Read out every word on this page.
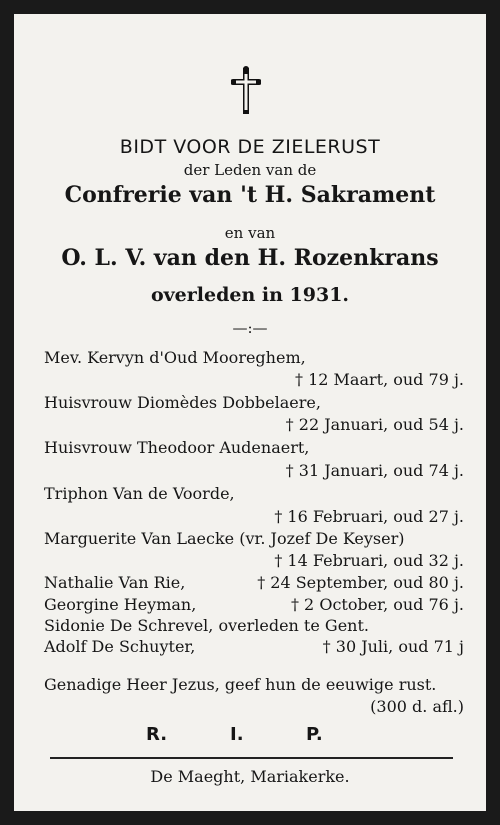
BIDT VOOR DE ZIELERUST
der Leden van de
Confrerie van 't H. Sakrament
en van
O. L. V. van den H. Rozenkrans
overleden in 1931.
—:—
Mev. Kervyn d'Oud Mooreghem,
† 12 Maart, oud 79 j.
Huisvrouw Diomèdes Dobbelaere,
† 22 Januari, oud 54 j.
Huisvrouw Theodoor Audenaert,
† 31 Januari, oud 74 j.
Triphon Van de Voorde,
† 16 Februari, oud 27 j.
Marguerite Van Laecke (vr. Jozef De Keyser)
† 14 Februari, oud 32 j.
Nathalie Van Rie,	† 24 September, oud 80 j.
Georgine Heyman,	† 2 October, oud 76 j.
Sidonie De Schrevel, overleden te Gent.
Adolf De Schuyter,	† 30 Juli, oud 71 j
Genadige Heer Jezus, geef hun de eeuwige rust.
(300 d. afl.)
R.	I.	P.
De Maeght, Mariakerke.
